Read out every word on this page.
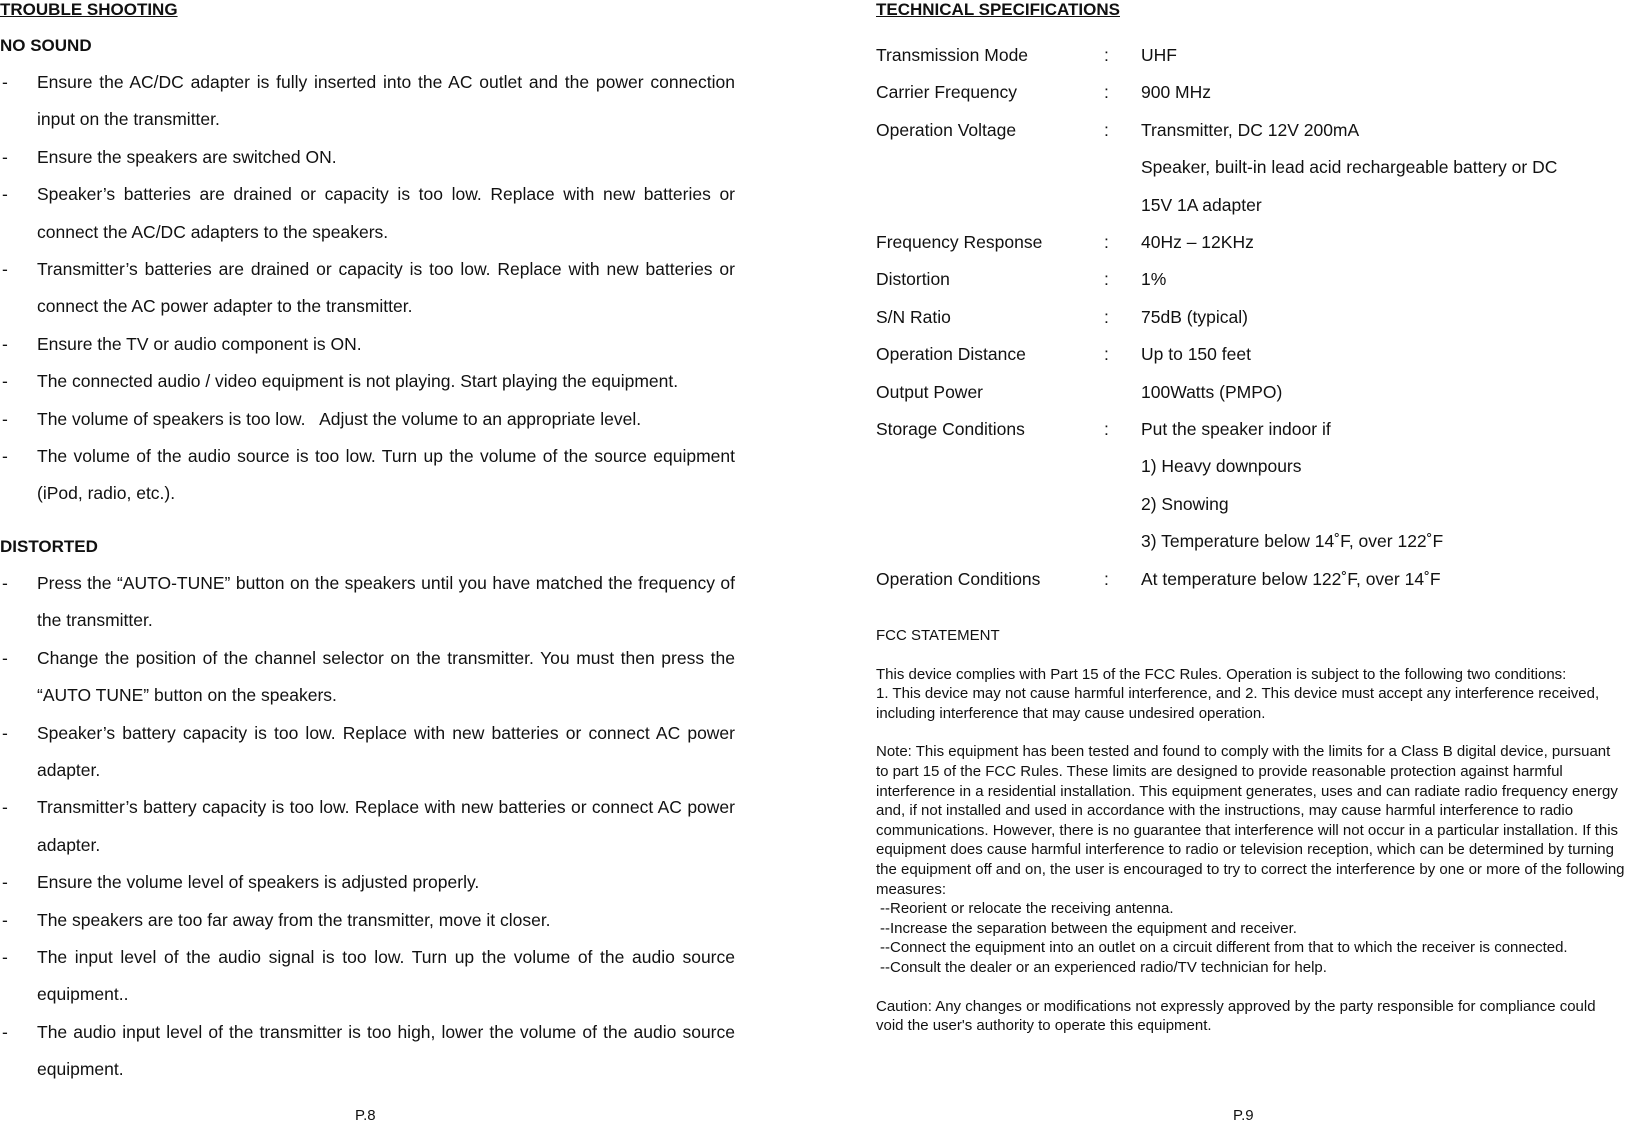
TROUBLE SHOOTING
NO SOUND
- Ensure the AC/DC adapter is fully inserted into the AC outlet and the power connection input on the transmitter.
- Ensure the speakers are switched ON.
- Speaker’s batteries are drained or capacity is too low. Replace with new batteries or connect the AC/DC adapters to the speakers.
- Transmitter’s batteries are drained or capacity is too low. Replace with new batteries or connect the AC power adapter to the transmitter.
- Ensure the TV or audio component is ON.
- The connected audio / video equipment is not playing. Start playing the equipment.
- The volume of speakers is too low.   Adjust the volume to an appropriate level.
- The volume of the audio source is too low. Turn up the volume of the source equipment (iPod, radio, etc.).
DISTORTED
- Press the “AUTO-TUNE” button on the speakers until you have matched the frequency of the transmitter.
- Change the position of the channel selector on the transmitter. You must then press the “AUTO TUNE” button on the speakers.
- Speaker’s battery capacity is too low. Replace with new batteries or connect AC power adapter.
- Transmitter’s battery capacity is too low. Replace with new batteries or connect AC power adapter.
- Ensure the volume level of speakers is adjusted properly.
- The speakers are too far away from the transmitter, move it closer.
- The input level of the audio signal is too low. Turn up the volume of the audio source equipment..
- The audio input level of the transmitter is too high, lower the volume of the audio source equipment.
P.8
TECHNICAL SPECIFICATIONS
Transmission Mode	:	UHF
Carrier Frequency	:	900 MHz
Operation Voltage	:	Transmitter, DC 12V 200mA
Speaker, built-in lead acid rechargeable battery or DC
15V 1A adapter
Frequency Response	:	40Hz – 12KHz
Distortion	:	1%
S/N Ratio	:	75dB (typical)
Operation Distance	:	Up to 150 feet
Output Power	100Watts (PMPO)
Storage Conditions	:	Put the speaker indoor if
1) Heavy downpours
2) Snowing
3) Temperature below 14˚F, over 122˚F
Operation Conditions	:	At temperature below 122˚F, over 14˚F

FCC STATEMENT

This device complies with Part 15 of the FCC Rules. Operation is subject to the following two conditions:

1. This device may not cause harmful interference, and 2. This device must accept any interference received, including interference that may cause undesired operation.

Note: This equipment has been tested and found to comply with the limits for a Class B digital device, pursuant to part 15 of the FCC Rules. These limits are designed to provide reasonable protection against harmful interference in a residential installation. This equipment generates, uses and can radiate radio frequency energy and, if not installed and used in accordance with the instructions, may cause harmful interference to radio communications. However, there is no guarantee that interference will not occur in a particular installation. If this equipment does cause harmful interference to radio or television reception, which can be determined by turning the equipment off and on, the user is encouraged to try to correct the interference by one or more of the following measures:

--Reorient or relocate the receiving antenna.

--Increase the separation between the equipment and receiver.

--Connect the equipment into an outlet on a circuit different from that to which the receiver is connected.

--Consult the dealer or an experienced radio/TV technician for help.

Caution: Any changes or modifications not expressly approved by the party responsible for compliance could void the user's authority to operate this equipment.

P.9
